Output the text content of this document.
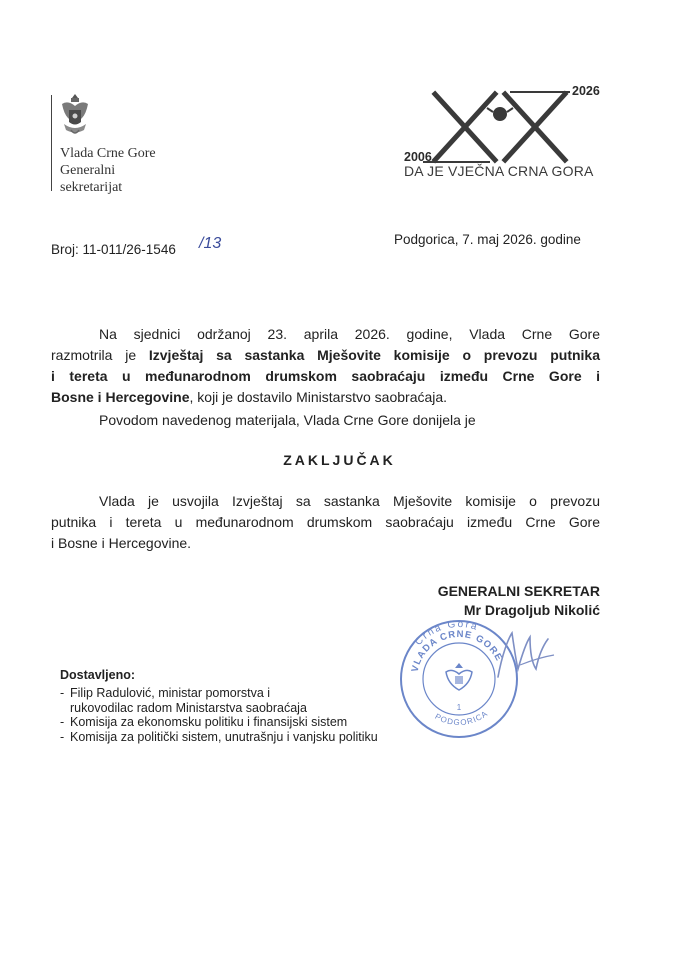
Vlada Crne Gore
Generalni
sekretarijat
2006
2026
DA JE VJEČNA CRNA GORA
Broj: 11-011/26-1546 /13	Podgorica, 7. maj 2026. godine
Na sjednici održanoj 23. aprila 2026. godine, Vlada Crne Gore
razmotrila je Izvještaj sa sastanka Mješovite komisije o prevozu putnika
i tereta u međunarodnom drumskom saobraćaju između Crne Gore i
Bosne i Hercegovine, koji je dostavilo Ministarstvo saobraćaja.
Povodom navedenog materijala, Vlada Crne Gore donijela je
ZAKLJUČAK
Vlada je usvojila Izvještaj sa sastanka Mješovite komisije o prevozu
putnika i tereta u međunarodnom drumskom saobraćaju između Crne Gore
i Bosne i Hercegovine.
GENERALNI SEKRETAR
Mr Dragoljub Nikolić
Crna Gora
VLADA CRNE GORE
PODGORICA
1
Dostavljeno:
- Filip Radulović, ministar pomorstva i
rukovodilac radom Ministarstva saobraćaja
- Komisija za ekonomsku politiku i finansijski sistem
- Komisija za politički sistem, unutrašnju i vanjsku politiku
